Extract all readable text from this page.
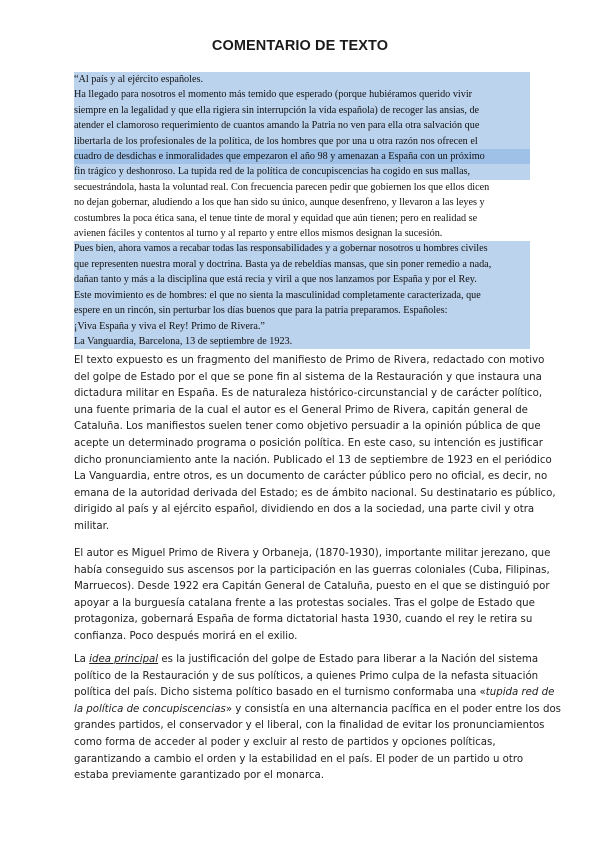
COMENTARIO DE TEXTO
“Al país y al ejército españoles.
Ha llegado para nosotros el momento más temido que esperado (porque hubiéramos querido vivir
siempre en la legalidad y que ella rigiera sin interrupción la vida española) de recoger las ansias, de
atender el clamoroso requerimiento de cuantos amando la Patria no ven para ella otra salvación que
libertarla de los profesionales de la política, de los hombres que por una u otra razón nos ofrecen el
cuadro de desdichas e inmoralidades que empezaron el año 98 y amenazan a España con un próximo
fin trágico y deshonroso. La tupida red de la política de concupiscencias ha cogido en sus mallas,
secuestrándola, hasta la voluntad real. Con frecuencia parecen pedir que gobiernen los que ellos dicen
no dejan gobernar, aludiendo a los que han sido su único, aunque desenfreno, y llevaron a las leyes y
costumbres la poca ética sana, el tenue tinte de moral y equidad que aún tienen; pero en realidad se
avienen fáciles y contentos al turno y al reparto y entre ellos mismos designan la sucesión.
Pues bien, ahora vamos a recabar todas las responsabilidades y a gobernar nosotros u hombres civiles
que representen nuestra moral y doctrina. Basta ya de rebeldías mansas, que sin poner remedio a nada,
dañan tanto y más a la disciplina que está recia y viril a que nos lanzamos por España y por el Rey.
Este movimiento es de hombres: el que no sienta la masculinidad completamente caracterizada, que
espere en un rincón, sin perturbar los días buenos que para la patria preparamos. Españoles:
¡Viva España y viva el Rey! Primo de Rivera.”
La Vanguardia, Barcelona, 13 de septiembre de 1923.
El texto expuesto es un fragmento del manifiesto de Primo de Rivera, redactado con motivo
del golpe de Estado por el que se pone fin al sistema de la Restauración y que instaura una
dictadura militar en España. Es de naturaleza histórico-circunstancial y de carácter político,
una fuente primaria de la cual el autor es el General Primo de Rivera, capitán general de
Cataluña. Los manifiestos suelen tener como objetivo persuadir a la opinión pública de que
acepte un determinado programa o posición política. En este caso, su intención es justificar
dicho pronunciamiento ante la nación. Publicado el 13 de septiembre de 1923 en el periódico
La Vanguardia, entre otros, es un documento de carácter público pero no oficial, es decir, no
emana de la autoridad derivada del Estado; es de ámbito nacional. Su destinatario es público,
dirigido al país y al ejército español, dividiendo en dos a la sociedad, una parte civil y otra
militar.
El autor es Miguel Primo de Rivera y Orbaneja, (1870-1930), importante militar jerezano, que
había conseguido sus ascensos por la participación en las guerras coloniales (Cuba, Filipinas,
Marruecos). Desde 1922 era Capitán General de Cataluña, puesto en el que se distinguió por
apoyar a la burguesía catalana frente a las protestas sociales. Tras el golpe de Estado que
protagoniza, gobernará España de forma dictatorial hasta 1930, cuando el rey le retira su
confianza. Poco después morirá en el exilio.
La idea principal es la justificación del golpe de Estado para liberar a la Nación del sistema
político de la Restauración y de sus políticos, a quienes Primo culpa de la nefasta situación
política del país. Dicho sistema político basado en el turnismo conformaba una «tupida red de
la política de concupiscencias» y consistía en una alternancia pacífica en el poder entre los dos
grandes partidos, el conservador y el liberal, con la finalidad de evitar los pronunciamientos
como forma de acceder al poder y excluir al resto de partidos y opciones políticas,
garantizando a cambio el orden y la estabilidad en el país. El poder de un partido u otro
estaba previamente garantizado por el monarca.
